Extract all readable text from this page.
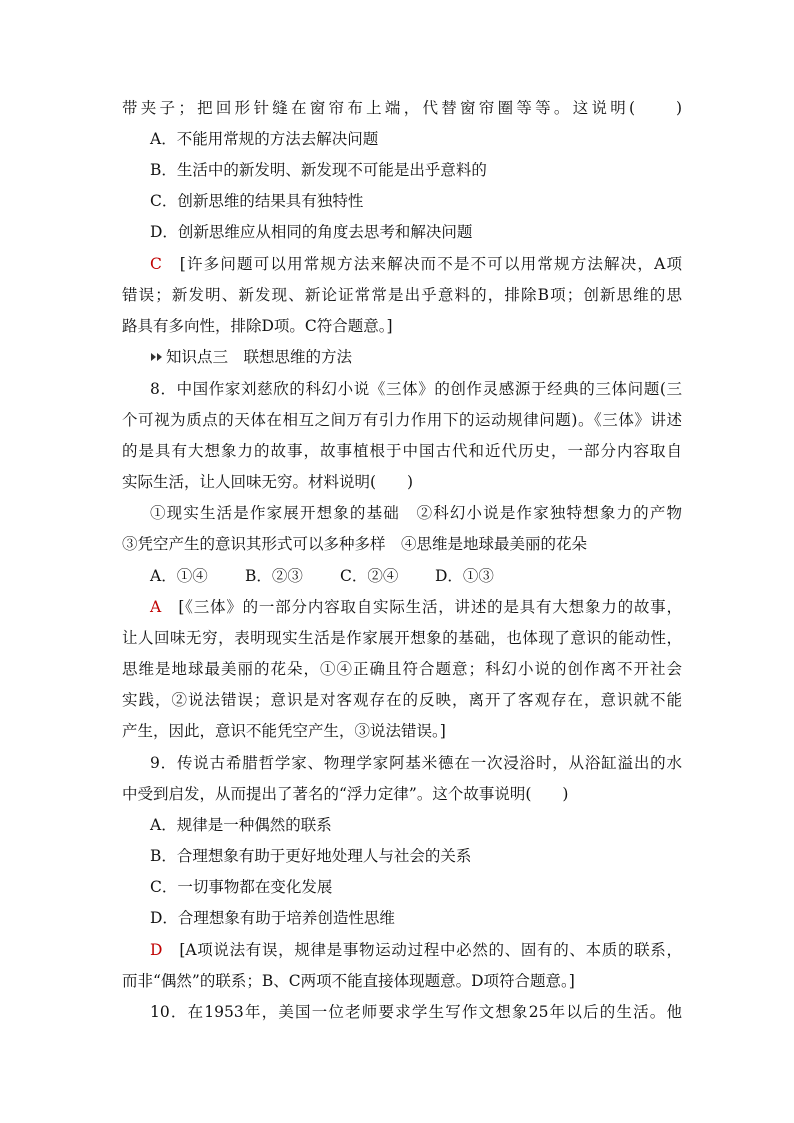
带夹子；把回形针缝在窗帘布上端，代替窗帘圈等等。这说明(　　)
A．不能用常规的方法去解决问题
B．生活中的新发明、新发现不可能是出乎意料的
C．创新思维的结果具有独特性
D．创新思维应从相同的角度去思考和解决问题
C　 [许多问题可以用常规方法来解决而不是不可以用常规方法解决，A项
错误；新发明、新发现、新论证常常是出乎意料的，排除B项；创新思维的思
路具有多向性，排除D项。C符合题意。]
知识点三　联想思维的方法
8．中国作家刘慈欣的科幻小说《三体》的创作灵感源于经典的三体问题(三
个可视为质点的天体在相互之间万有引力作用下的运动规律问题)。《三体》讲述
的是具有大想象力的故事，故事植根于中国古代和近代历史，一部分内容取自
实际生活，让人回味无穷。材料说明(　　)
①现实生活是作家展开想象的基础　②科幻小说是作家独特想象力的产物
③凭空产生的意识其形式可以多种多样　④思维是地球最美丽的花朵
A．①④ B．②③ C．②④ D．①③
A　 [《三体》的一部分内容取自实际生活，讲述的是具有大想象力的故事，
让人回味无穷，表明现实生活是作家展开想象的基础，也体现了意识的能动性，
思维是地球最美丽的花朵，①④正确且符合题意；科幻小说的创作离不开社会
实践，②说法错误；意识是对客观存在的反映，离开了客观存在，意识就不能
产生，因此，意识不能凭空产生，③说法错误。]
9．传说古希腊哲学家、物理学家阿基米德在一次浸浴时，从浴缸溢出的水
中受到启发，从而提出了著名的“浮力定律”。这个故事说明(　　)
A．规律是一种偶然的联系
B．合理想象有助于更好地处理人与社会的关系
C．一切事物都在变化发展
D．合理想象有助于培养创造性思维
D　 [A项说法有误，规律是事物运动过程中必然的、固有的、本质的联系，
而非“偶然”的联系；B、C两项不能直接体现题意。D项符合题意。]
10．在1953年，美国一位老师要求学生写作文想象25年以后的生活。他
